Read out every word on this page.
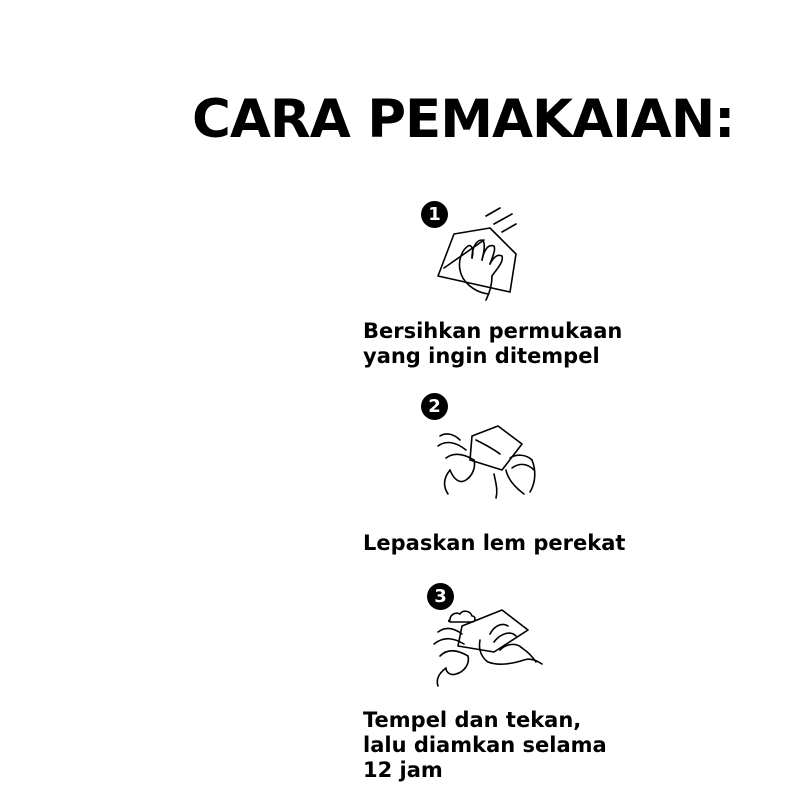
CARA PEMAKAIAN:
1
Bersihkan permukaan
yang ingin ditempel
2
Lepaskan lem perekat
3
Tempel dan tekan,
lalu diamkan selama
12 jam
